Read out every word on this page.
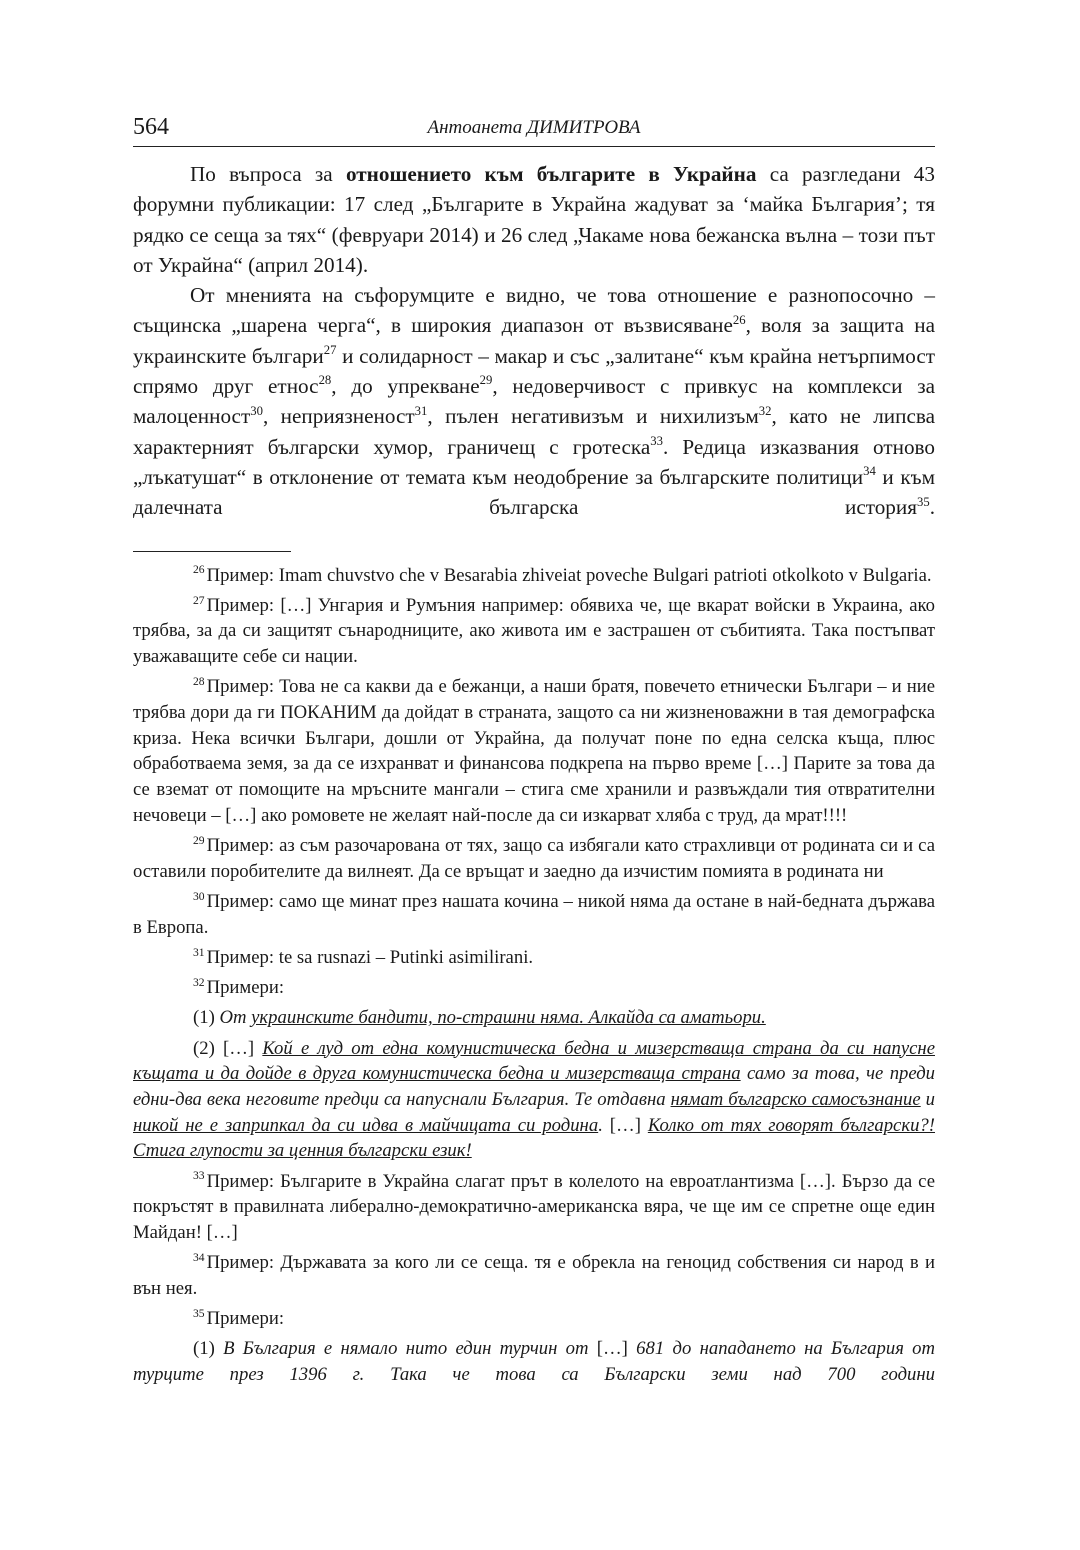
564	Антоанета ДИМИТРОВА

По въпроса за отношението към българите в Украйна са разгледани 43 форумни публикации: 17 след „Българите в Украйна жадуват за ‘майка България’; тя рядко се сеща за тях“ (февруари 2014) и 26 след „Чакаме нова бежанска вълна – този път от Украйна“ (април 2014).

От мненията на съфорумците е видно, че това отношение е разнопосочно – същинска „шарена черга“, в широкия диапазон от възвисяване$^{26}$, воля за защита на украинските българи$^{27}$ и солидарност – макар и със „залитане“ към крайна нетърпимост спрямо друг етнос$^{28}$, до упрекване$^{29}$, недоверчивост с привкус на комплекси за малоценност$^{30}$, неприязненост$^{31}$, пълен негативизъм и нихилизъм$^{32}$, като не липсва характерният български хумор, граничещ с гротеска$^{33}$. Редица изказвания отново „лъкатушат“ в отклонение от темата към неодобрение за българските политици$^{34}$ и към далечната българска история$^{35}$.

$^{26}$ Пример: Imam chuvstvo che v Besarabia zhiveiat poveche Bulgari patrioti otkolkoto v Bulgaria.

$^{27}$ Пример: […] Унгария и Румъния например: обявиха че, ще вкарат войски в Украина, ако трябва, за да си защитят сънародниците, ако живота им е застрашен от събитията. Така постъпват уважаващите себе си нации.

$^{28}$ Пример: Това не са какви да е бежанци, а наши братя, повечето етнически Българи – и ние трябва дори да ги ПОКАНИМ да дойдат в страната, защото са ни жизненоважни в тая демографска криза. Нека всички Българи, дошли от Украйна, да получат поне по една селска къща, плюс обработваема земя, за да се изхранват и финансова подкрепа на първо време […] Парите за това да се вземат от помощите на мръсните мангали – стига сме хранили и развъждали тия отвратителни нечовеци – […] ако ромовете не желаят най-после да си изкарват хляба с труд, да мрат!!!!

$^{29}$ Пример: аз съм разочарована от тях, защо са избягали като страхливци от родината си и са оставили поробителите да вилнеят. Да се връщат и заедно да изчистим помията в родината ни

$^{30}$ Пример: само ще минат през нашата кочина – никой няма да остане в най-бедната държава в Европа.

$^{31}$ Пример: te sa rusnazi – Putinki asimilirani.

$^{32}$ Примери:

(1) От украинските бандити, по-страшни няма. Алкайда са аматьори.

(2) […] Кой е луд от една комунистическа бедна и мизерстваща страна да си напусне къщата и да дойде в друга комунистическа бедна и мизерстваща страна само за това, че преди едни-два века неговите предци са напуснали България. Те отдавна нямат българско самосъзнание и никой не е заприпкал да си идва в майчицата си родина. […] Колко от тях говорят български?! Стига глупости за ценния български език!

$^{33}$ Пример: Българите в Украйна слагат прът в колелото на евроатлантизма […]. Бързо да се покръстят в правилната либерално-демократично-американска вяра, че ще им се спретне още един Майдан! […]

$^{34}$ Пример: Държавата за кого ли се сеща. тя е обрекла на геноцид собствения си народ в и вън нея.

$^{35}$ Примери:

(1) В България е нямало нито един турчин от […] 681 до нападането на България от турците през 1396 г. Така че това са Български земи над 700 години
